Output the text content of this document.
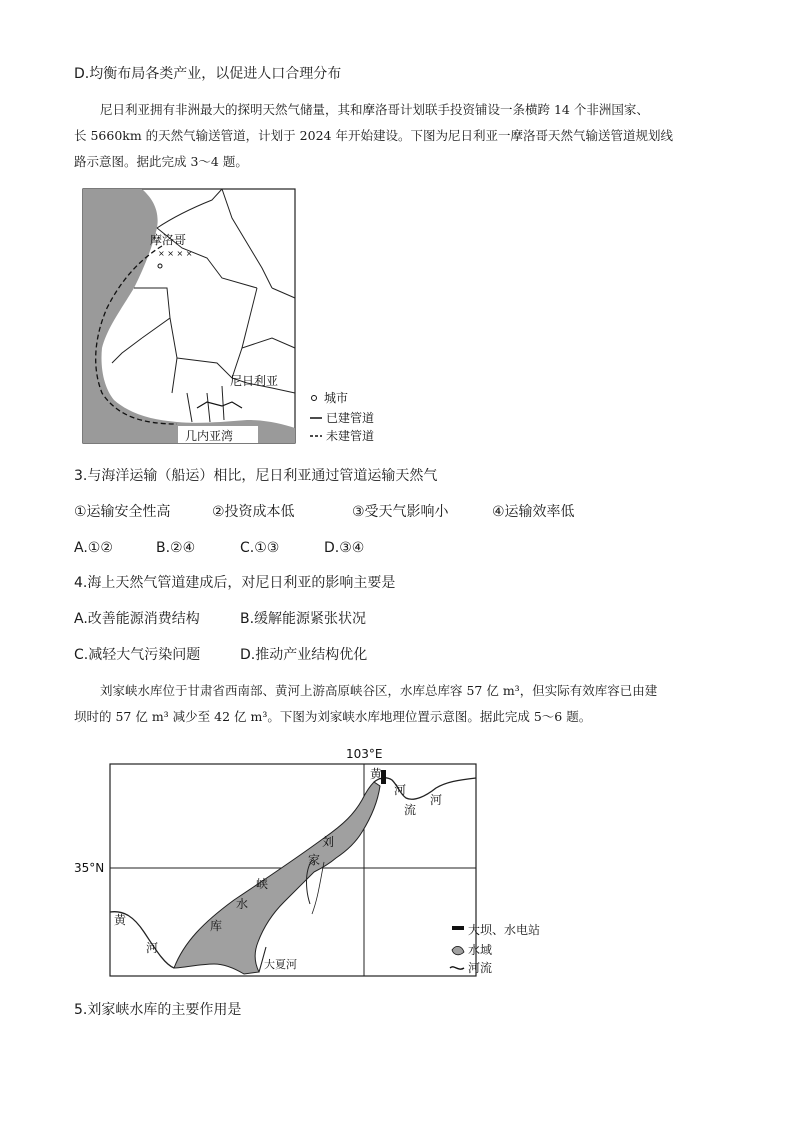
D.均衡布局各类产业，以促进人口合理分布
尼日利亚拥有非洲最大的探明天然气储量，其和摩洛哥计划联手投资铺设一条横跨 14 个非洲国家、
长 5660km 的天然气输送管道，计划于 2024 年开始建设。下图为尼日利亚一摩洛哥天然气输送管道规划线
路示意图。据此完成 3～4 题。
× × × ×
摩洛哥
尼日利亚
几内亚湾
城市
已建管道
未建管道
3.与海洋运输（船运）相比，尼日利亚通过管道运输天然气
①运输安全性高	②投资成本低	③受天气影响小	④运输效率低
A.①②	B.②④	C.①③	D.③④
4.海上天然气管道建成后，对尼日利亚的影响主要是
A.改善能源消费结构	B.缓解能源紧张状况
C.减轻大气污染问题	D.推动产业结构优化
刘家峡水库位于甘肃省西南部、黄河上游高原峡谷区，水库总库容 57 亿 m³，但实际有效库容已由建
坝时的 57 亿 m³ 减少至 42 亿 m³。下图为刘家峡水库地理位置示意图。据此完成 5～6 题。
103°E
35°N
黄
河
流
河
黄
河
刘
家
峡
水
库
大夏河
大坝、水电站
水域
河流
5.刘家峡水库的主要作用是
